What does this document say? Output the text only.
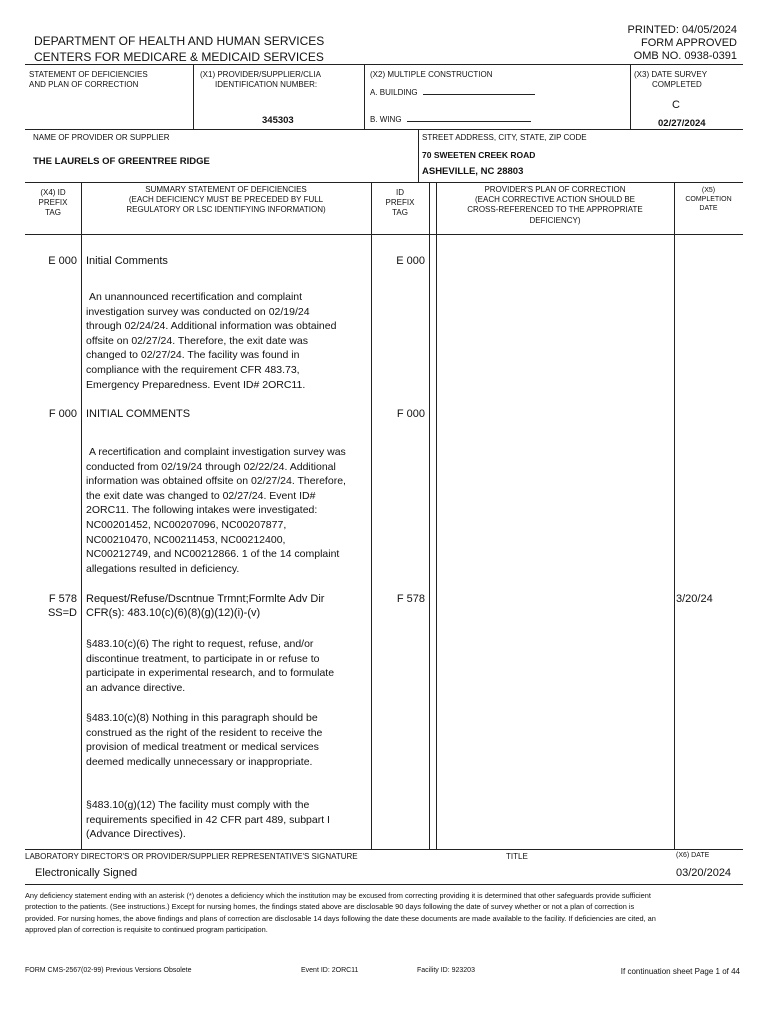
PRINTED: 04/05/2024
FORM APPROVED
OMB NO. 0938-0391
DEPARTMENT OF HEALTH AND HUMAN SERVICES
CENTERS FOR MEDICARE & MEDICAID SERVICES
STATEMENT OF DEFICIENCIES
AND PLAN OF CORRECTION
(X1) PROVIDER/SUPPLIER/CLIA
IDENTIFICATION NUMBER:
345303
(X2) MULTIPLE CONSTRUCTION
A. BUILDING
B. WING
(X3) DATE SURVEY
COMPLETED
C
02/27/2024
NAME OF PROVIDER OR SUPPLIER
THE LAURELS OF GREENTREE RIDGE
STREET ADDRESS, CITY, STATE, ZIP CODE
70 SWEETEN CREEK ROAD
ASHEVILLE, NC 28803
(X4) ID
PREFIX
TAG
SUMMARY STATEMENT OF DEFICIENCIES
(EACH DEFICIENCY MUST BE PRECEDED BY FULL
REGULATORY OR LSC IDENTIFYING INFORMATION)
ID
PREFIX
TAG
PROVIDER'S PLAN OF CORRECTION
(EACH CORRECTIVE ACTION SHOULD BE
CROSS-REFERENCED TO THE APPROPRIATE
DEFICIENCY)
(X5)
COMPLETION
DATE
E 000 Initial Comments	E 000
An unannounced recertification and complaint investigation survey was conducted on 02/19/24 through 02/24/24. Additional information was obtained offsite on 02/27/24. Therefore, the exit date was changed to 02/27/24. The facility was found in compliance with the requirement CFR 483.73, Emergency Preparedness. Event ID# 2ORC11.
F 000 INITIAL COMMENTS	F 000
A recertification and complaint investigation survey was conducted from 02/19/24 through 02/22/24. Additional information was obtained offsite on 02/27/24. Therefore, the exit date was changed to 02/27/24. Event ID# 2ORC11. The following intakes were investigated: NC00201452, NC00207096, NC00207877, NC00210470, NC00211453, NC00212400, NC00212749, and NC00212866. 1 of the 14 complaint allegations resulted in deficiency.
F 578
SS=D
Request/Refuse/Dscntnue Trmnt;Formlte Adv Dir
CFR(s): 483.10(c)(6)(8)(g)(12)(i)-(v)
F 578	3/20/24
§483.10(c)(6) The right to request, refuse, and/or discontinue treatment, to participate in or refuse to participate in experimental research, and to formulate an advance directive.
§483.10(c)(8) Nothing in this paragraph should be construed as the right of the resident to receive the provision of medical treatment or medical services deemed medically unnecessary or inappropriate.
§483.10(g)(12) The facility must comply with the requirements specified in 42 CFR part 489, subpart I (Advance Directives).
LABORATORY DIRECTOR'S OR PROVIDER/SUPPLIER REPRESENTATIVE'S SIGNATURE	TITLE	(X6) DATE
Electronically Signed	03/20/2024
Any deficiency statement ending with an asterisk (*) denotes a deficiency which the institution may be excused from correcting providing it is determined that other safeguards provide sufficient protection to the patients. (See instructions.) Except for nursing homes, the findings stated above are disclosable 90 days following the date of survey whether or not a plan of correction is provided. For nursing homes, the above findings and plans of correction are disclosable 14 days following the date these documents are made available to the facility. If deficiencies are cited, an approved plan of correction is requisite to continued program participation.
FORM CMS-2567(02-99) Previous Versions Obsolete	Event ID: 2ORC11	Facility ID: 923203	If continuation sheet Page 1 of 44
